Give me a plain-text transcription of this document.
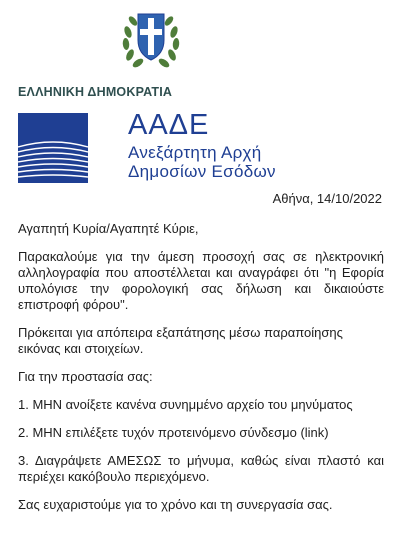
ΕΛΛΗΝΙΚΗ ΔΗΜΟΚΡΑΤΙΑ
ΑΑΔΕ
Ανεξάρτητη Αρχή
Δημοσίων Εσόδων
Αθήνα, 14/10/2022

Αγαπητή Κυρία/Αγαπητέ Κύριε,

Παρακαλούμε για την άμεση προσοχή σας σε ηλεκτρονική αλληλογραφία που αποστέλλεται και αναγράφει ότι "η Εφορία υπολόγισε την φορολογική σας δήλωση και δικαιούστε επιστροφή φόρου".

Πρόκειται για απόπειρα εξαπάτησης μέσω παραποίησης εικόνας και στοιχείων.

Για την προστασία σας:

1. ΜΗΝ ανοίξετε κανένα συνημμένο αρχείο του μηνύματος

2. ΜΗΝ επιλέξετε τυχόν προτεινόμενο σύνδεσμο (link)

3. Διαγράψετε ΑΜΕΣΩΣ το μήνυμα, καθώς είναι πλαστό και περιέχει κακόβουλο περιεχόμενο.

Σας ευχαριστούμε για το χρόνο και τη συνεργασία σας.
